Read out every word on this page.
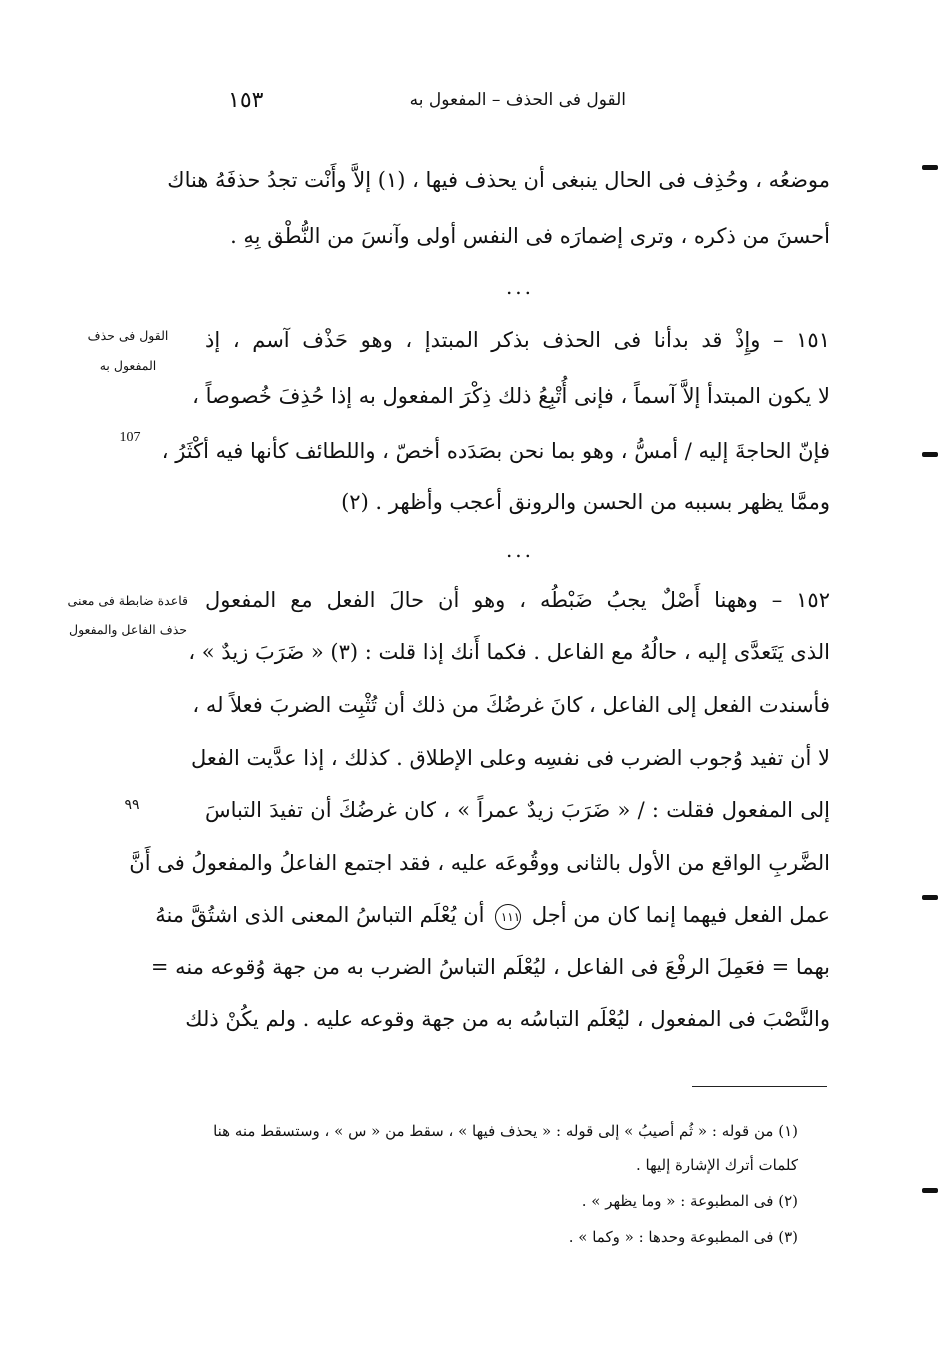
١٥٣	القول فى الحذف – المفعول به
موضعُه ، وحُذِف فى الحال ينبغى أن يحذف فيها ، (١) إلاَّ وأَنْت تجدُ حذفَهُ هناك
أحسنَ من ذكره ، وترى إضمارَه فى النفس أولى وآنسَ من النُّطْق بِهِ .
...
القول فى حذف
المفعول به
107
١٥١ – وإِذْ قد بدأنا فى الحذف بذكر المبتدإ ، وهو حَذْف آسم ، إذ
لا يكون المبتدأ إلاَّ آسماً ، فإنى أُتْبِعُ ذلك ذِكْرَ المفعول به إذا حُذِفَ خُصوصاً ،
فإنّ الحاجةَ إليه / أمسُّ ، وهو بما نحن بصَدَده أخصّ ، واللطائف كأنها فيه أكْثَرُ ،
وممَّا يظهر بسببه من الحسن والرونق أعجب وأظهر . (٢)
...
قاعدة ضابطة فى معنى
حذف الفاعل والمفعول
٩٩
١٥٢ – وههنا أَصْلٌ يجبُ ضَبْطُه ، وهو أن حالَ الفعل مع المفعول
الذى يَتَعدَّى إليه ، حالُهُ مع الفاعل . فكما أَنك إذا قلت : (٣) « ضَرَبَ زيدٌ » ،
فأسندت الفعل إلى الفاعل ، كانَ غرضُكَ من ذلك أن تُثْبِت الضربَ فعلاً له ،
لا أن تفيد وُجوب الضرب فى نفسِه وعلى الإطلاق . كذلك ، إذا عدَّيت الفعل
إلى المفعول فقلت : / « ضَرَبَ زيدٌ عمراً » ، كان غرضُكَ أن تفيدَ التباسَ
الضَّربِ الواقع من الأول بالثانى ووقُوعَه عليه ، فقد اجتمع الفاعلُ والمفعولُ فى أَنَّ
عمل الفعل فيهما إنما كان من أجل ١١١ أن يُعْلَم التباسُ المعنى الذى اشتُقَّ منهُ
بهما = فعَمِلَ الرفْعَ فى الفاعل ، ليُعْلَم التباسُ الضرب به من جهة وُقوعه منه =
والنَّصْبَ فى المفعول ، ليُعْلَم التباسُه به من جهة وقوعه عليه . ولم يكُنْ ذلك
(١) من قوله : « ثُم أصيبُ » إلى قوله : « يحذف فيها » ، سقط من « س » ، وستسقط منه هنا
كلمات أترك الإشارة إليها .
(٢) فى المطبوعة : « وما يظهر » .
(٣) فى المطبوعة وحدها : « وكما » .
